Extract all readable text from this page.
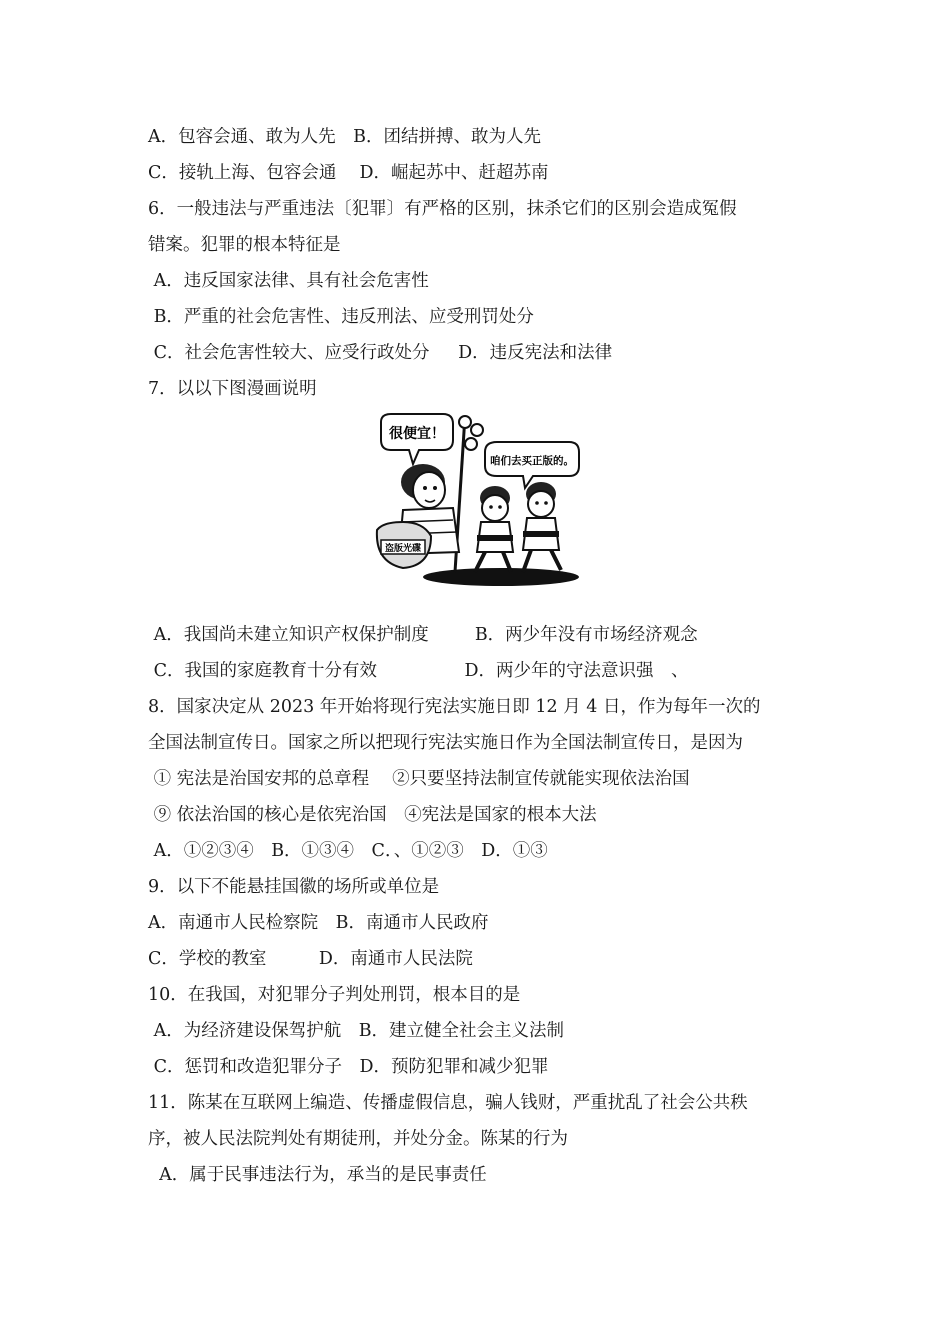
A．包容会通、敢为人先　B．团结拼搏、敢为人先
C．接轨上海、包容会通　 D．崛起苏中、赶超苏南
6．一般违法与严重违法〔犯罪〕有严格的区别，抹杀它们的区别会造成冤假
错案。犯罪的根本特征是
A．违反国家法律、具有社会危害性
B．严重的社会危害性、违反刑法、应受刑罚处分
C．社会危害性较大、应受行政处分　  D．违反宪法和法律
7．以以下图漫画说明
很便宜！
咱们去买正版的。
盗版光碟
A．我国尚未建立知识产权保护制度　　  B．两少年没有市场经济观念
C．我国的家庭教育十分有效　　　　　D．两少年的守法意识强　、
8．国家决定从 2023 年开始将现行宪法实施日即 12 月 4 日，作为每年一次的
全国法制宣传日。国家之所以把现行宪法实施日作为全国法制宣传日，是因为
① 宪法是治国安邦的总章程　 ②只要坚持法制宣传就能实现依法治国
⑨ 依法治国的核心是依宪治国　④宪法是国家的根本大法
A．①②③④　B．①③④　C．、①②③　D．①③
9．以下不能悬挂国徽的场所或单位是
A．南通市人民检察院　B．南通市人民政府
C．学校的教室　　　D．南通市人民法院
10．在我国，对犯罪分子判处刑罚，根本目的是
A．为经济建设保驾护航　B．建立健全社会主义法制
C．惩罚和改造犯罪分子　D．预防犯罪和减少犯罪
11．陈某在互联网上编造、传播虚假信息，骗人钱财，严重扰乱了社会公共秩
序，被人民法院判处有期徒刑，并处分金。陈某的行为
A．属于民事违法行为，承当的是民事责任
